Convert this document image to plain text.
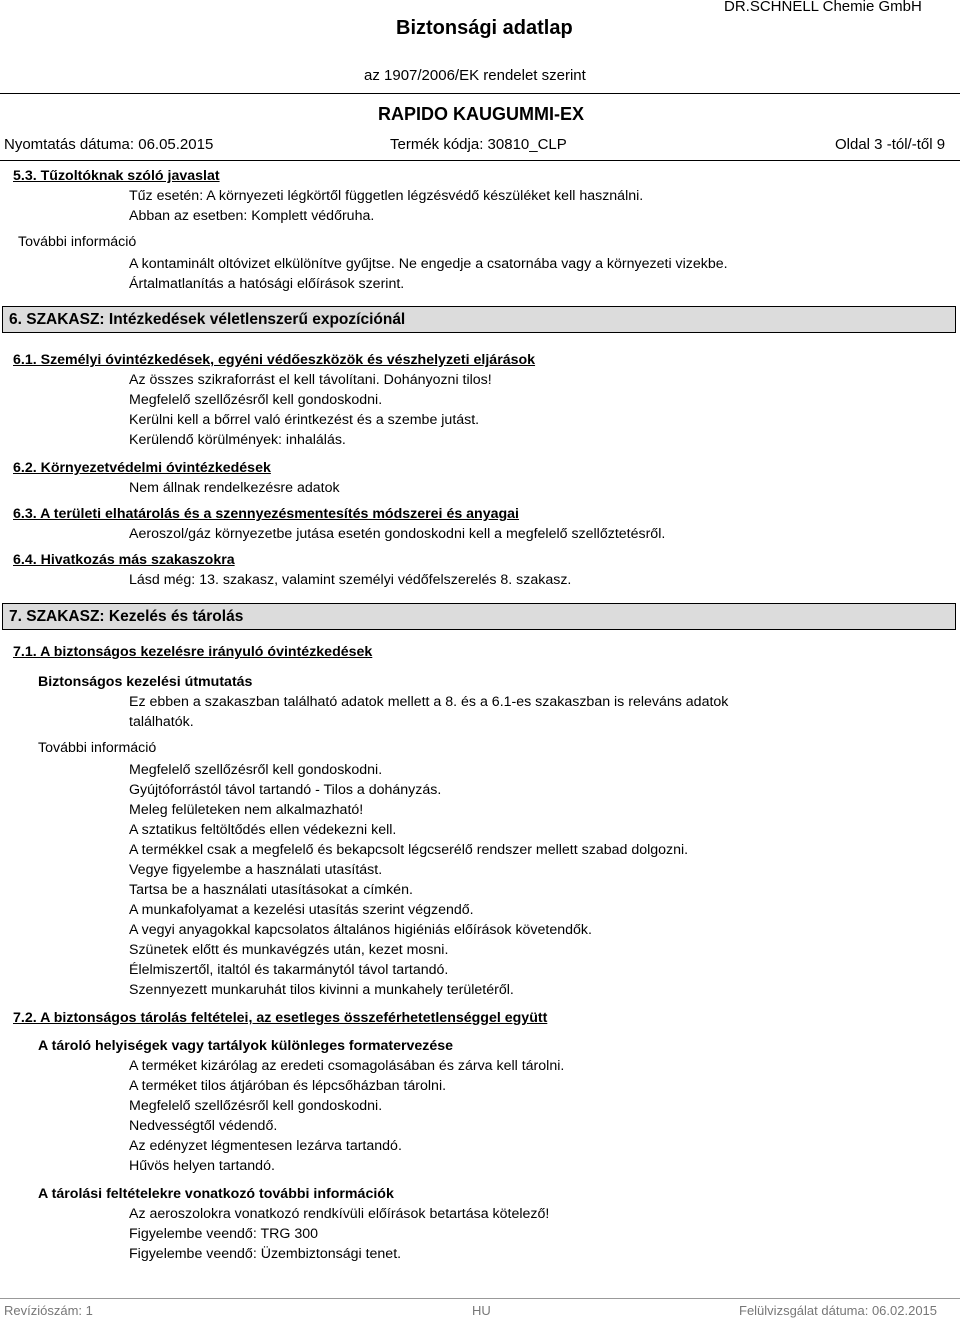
Biztonsági adatlap
DR.SCHNELL Chemie GmbH
az 1907/2006/EK rendelet szerint
RAPIDO KAUGUMMI-EX
Nyomtatás dátuma: 06.05.2015	Termék kódja: 30810_CLP	Oldal 3 -tól/-től 9
5.3. Tűzoltóknak szóló javaslat
Tűz esetén: A környezeti légkörtől független légzésvédő készüléket kell használni.
Abban az esetben: Komplett védőruha.
További információ
A kontaminált oltóvizet elkülönítve gyűjtse. Ne engedje a csatornába vagy a környezeti vizekbe.
Ártalmatlanítás a hatósági előírások szerint.
6. SZAKASZ: Intézkedések véletlenszerű expozíciónál
6.1. Személyi óvintézkedések, egyéni védőeszközök és vészhelyzeti eljárások
Az összes szikraforrást el kell távolítani. Dohányozni tilos!
Megfelelő szellőzésről kell gondoskodni.
Kerülni kell a bőrrel való érintkezést és a szembe jutást.
Kerülendő körülmények: inhalálás.
6.2. Környezetvédelmi óvintézkedések
Nem állnak rendelkezésre adatok
6.3. A területi elhatárolás és a szennyezésmentesítés módszerei és anyagai
Aeroszol/gáz környezetbe jutása esetén gondoskodni kell a megfelelő szellőztetésről.
6.4. Hivatkozás más szakaszokra
Lásd még: 13. szakasz, valamint személyi védőfelszerelés 8. szakasz.
7. SZAKASZ: Kezelés és tárolás
7.1. A biztonságos kezelésre irányuló óvintézkedések
Biztonságos kezelési útmutatás
Ez ebben a szakaszban található adatok mellett a 8. és a 6.1-es szakaszban is releváns adatok
találhatók.
További információ
Megfelelő szellőzésről kell gondoskodni.
Gyújtóforrástól távol tartandó - Tilos a dohányzás.
Meleg felületeken nem alkalmazható!
A sztatikus feltöltődés ellen védekezni kell.
A termékkel csak a megfelelő és bekapcsolt légcserélő rendszer mellett szabad dolgozni.
Vegye figyelembe a használati utasítást.
Tartsa be a használati utasításokat a címkén.
A munkafolyamat a kezelési utasítás szerint végzendő.
A vegyi anyagokkal kapcsolatos általános higiéniás előírások követendők.
Szünetek előtt és munkavégzés után, kezet mosni.
Élelmiszertől, italtól és takarmánytól távol tartandó.
Szennyezett munkaruhát tilos kivinni a munkahely területéről.
7.2. A biztonságos tárolás feltételei, az esetleges összeférhetetlenséggel együtt
A tároló helyiségek vagy tartályok különleges formatervezése
A terméket kizárólag az eredeti csomagolásában és zárva kell tárolni.
A terméket tilos átjáróban és lépcsőházban tárolni.
Megfelelő szellőzésről kell gondoskodni.
Nedvességtől védendő.
Az edényzet légmentesen lezárva tartandó.
Hűvös helyen tartandó.
A tárolási feltételekre vonatkozó további információk
Az aeroszolokra vonatkozó rendkívüli előírások betartása kötelező!
Figyelembe veendő: TRG 300
Figyelembe veendő: Üzembiztonsági tenet.
Revíziószám: 1	HU	Felülvizsgálat dátuma: 06.02.2015
